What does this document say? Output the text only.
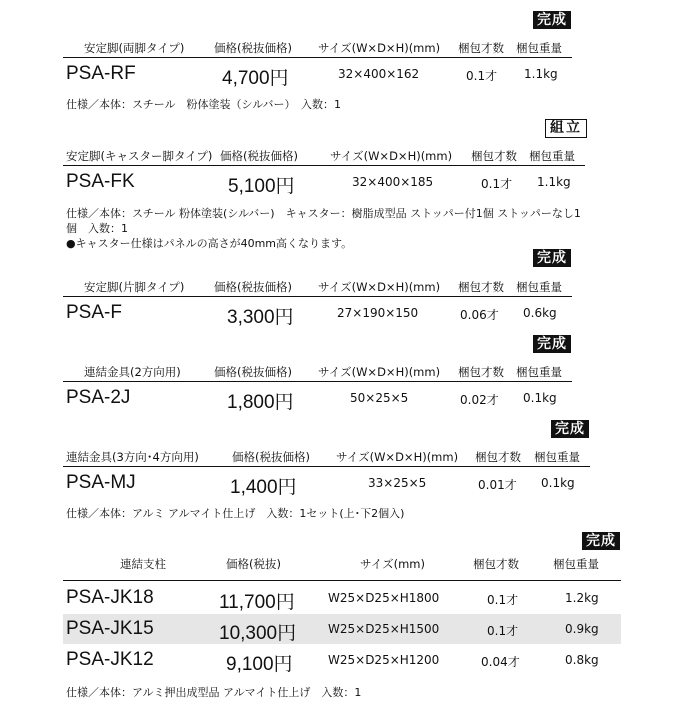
完成
安定脚(両脚タイプ)	価格(税抜価格) サイズ(W×D×H)(mm) 梱包才数 梱包重量
PSA-RF	4,700円	32×400×162	0.1才 1.1kg
仕様／本体：スチール　粉体塗装（シルバー）　入数：1
組立
安定脚(キャスター脚タイプ) 価格(税抜価格)	サイズ(W×D×H)(mm) 梱包才数 梱包重量
PSA-FK	5,100円	32×400×185	0.1才 1.1kg
仕様／本体：スチール 粉体塗装(シルバー)　キャスター：樹脂成型品 ストッパー付1個 ストッパーなし1
個　入数：1
●キャスター仕様はパネルの高さが40mm高くなります。
完成
安定脚(片脚タイプ)	価格(税抜価格) サイズ(W×D×H)(mm) 梱包才数 梱包重量
PSA-F	3,300円	27×190×150	0.06才 0.6kg
完成
連結金具(2方向用)	価格(税抜価格) サイズ(W×D×H)(mm) 梱包才数 梱包重量
PSA-2J	1,800円	50×25×5	0.02才 0.1kg
完成
連結金具(3方向･4方向用)	価格(税抜価格) サイズ(W×D×H)(mm) 梱包才数 梱包重量
PSA-MJ	1,400円	33×25×5	0.01才 0.1kg
仕様／本体：アルミ アルマイト仕上げ　入数：1セット(上･下2個入)
完成
連結支柱	価格(税抜)	サイズ(mm)	梱包才数	梱包重量
PSA-JK18	11,700円	W25×D25×H1800	0.1才	1.2kg
PSA-JK15	10,300円	W25×D25×H1500	0.1才	0.9kg
PSA-JK12	9,100円	W25×D25×H1200	0.04才	0.8kg
仕様／本体：アルミ押出成型品 アルマイト仕上げ　入数：1
